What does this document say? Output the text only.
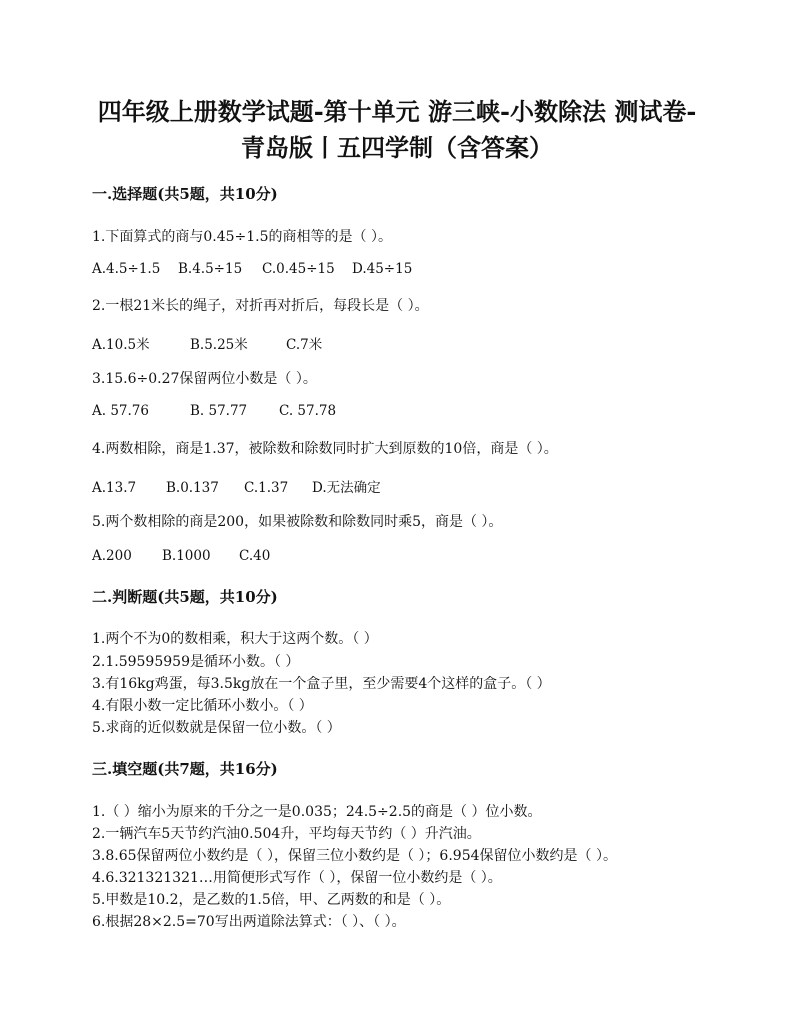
四年级上册数学试题-第十单元 游三峡-小数除法 测试卷-
青岛版丨五四学制（含答案）
一.选择题(共5题，共10分)
1.下面算式的商与0.45÷1.5的商相等的是（ ）。
A.4.5÷1.5 B.4.5÷15 C.0.45÷15 D.45÷15
2.一根21米长的绳子，对折再对折后，每段长是（ ）。
A.10.5米	B.5.25米	C.7米
3.15.6÷0.27保留两位小数是（ ）。
A. 57.76	B. 57.77 C. 57.78
4.两数相除，商是1.37，被除数和除数同时扩大到原数的10倍，商是（ ）。
A.13.7 B.0.137 C.1.37 D.无法确定
5.两个数相除的商是200，如果被除数和除数同时乘5，商是（ ）。
A.200 B.1000 C.40
二.判断题(共5题，共10分)
1.两个不为0的数相乘，积大于这两个数。（ ）
2.1.59595959是循环小数。（ ）
3.有16kg鸡蛋，每3.5kg放在一个盒子里，至少需要4个这样的盒子。（ ）
4.有限小数一定比循环小数小。（ ）
5.求商的近似数就是保留一位小数。（ ）
三.填空题(共7题，共16分)
1.（ ）缩小为原来的千分之一是0.035；24.5÷2.5的商是（ ）位小数。
2.一辆汽车5天节约汽油0.504升，平均每天节约（ ）升汽油。
3.8.65保留两位小数约是（ ），保留三位小数约是（ ）；6.954保留位小数约是（ ）。
4.6.321321321…用简便形式写作（ ），保留一位小数约是（ ）。
5.甲数是10.2，是乙数的1.5倍，甲、乙两数的和是（ ）。
6.根据28×2.5=70写出两道除法算式：（ ）、（ ）。
